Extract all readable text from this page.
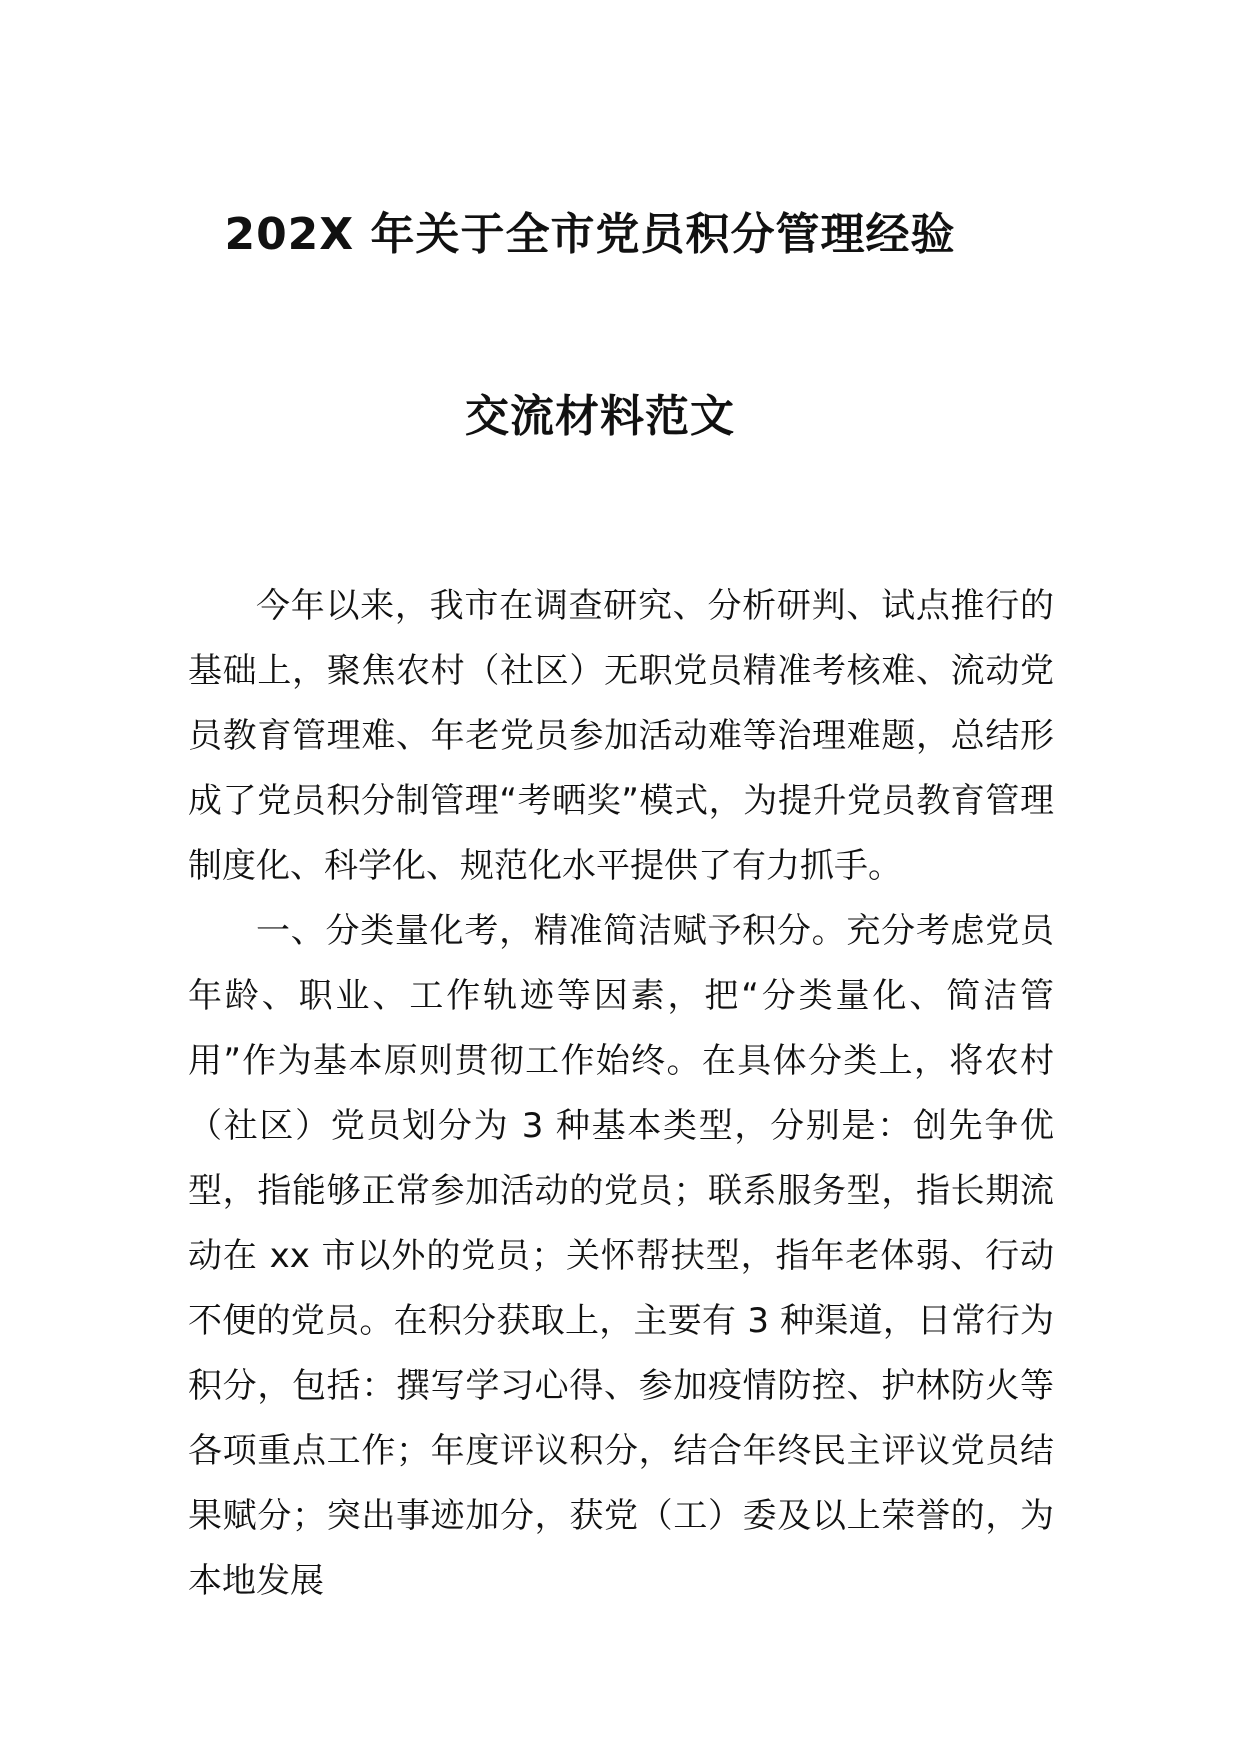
202X 年关于全市党员积分管理经验
交流材料范文

今年以来，我市在调查研究、分析研判、试点推行的基础上，聚焦农村（社区）无职党员精准考核难、流动党员教育管理难、年老党员参加活动难等治理难题，总结形成了党员积分制管理“考晒奖”模式，为提升党员教育管理制度化、科学化、规范化水平提供了有力抓手。

一、分类量化考，精准简洁赋予积分。充分考虑党员年龄、职业、工作轨迹等因素，把“分类量化、简洁管用”作为基本原则贯彻工作始终。在具体分类上，将农村（社区）党员划分为 3 种基本类型，分别是：创先争优型，指能够正常参加活动的党员；联系服务型，指长期流动在 xx 市以外的党员；关怀帮扶型，指年老体弱、行动不便的党员。在积分获取上，主要有 3 种渠道，日常行为积分，包括：撰写学习心得、参加疫情防控、护林防火等各项重点工作；年度评议积分，结合年终民主评议党员结果赋分；突出事迹加分，获党（工）委及以上荣誉的，为本地发展
